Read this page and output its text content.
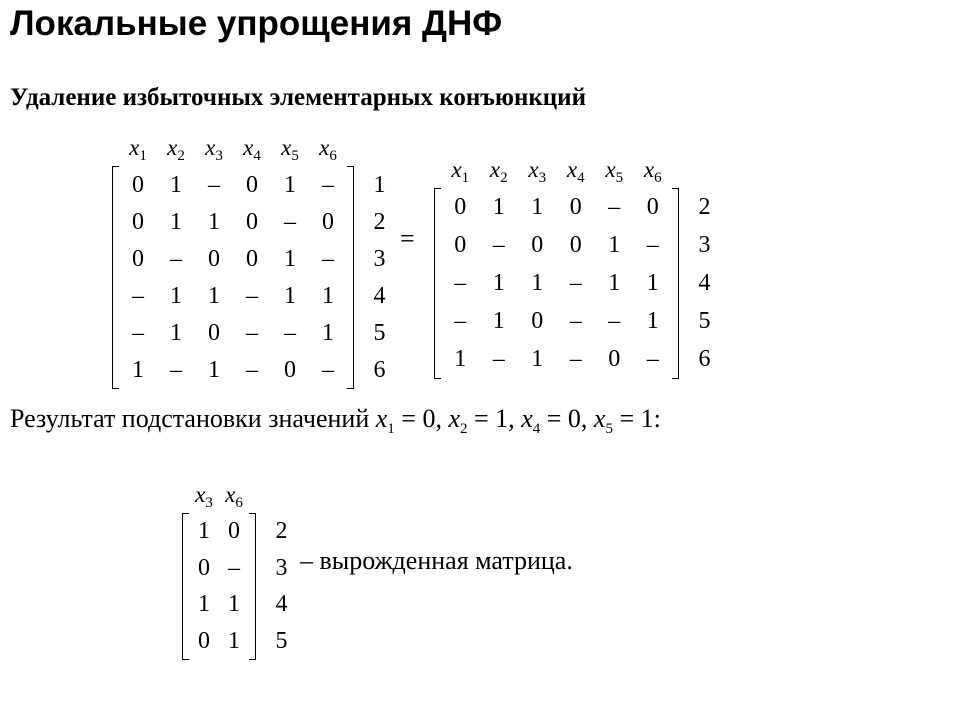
Локальные упрощения ДНФ
Удаление избыточных элементарных конъюнкций
	$x_1$	$x_2$	$x_3$	$x_4$	$x_5$	$x_6$			
	0	1	–	0	1	–			1
	0	1	1	0	–	0			2
	0	–	0	0	1	–			3
	–	1	1	–	1	1			4
	–	1	0	–	–	1			5
	1	–	1	–	0	–			6
=
	$x_1$	$x_2$	$x_3$	$x_4$	$x_5$	$x_6$			
	0	1	1	0	–	0			2
	0	–	0	0	1	–			3
	–	1	1	–	1	1			4
	–	1	0	–	–	1			5
	1	–	1	–	0	–			6
Результат подстановки значений $x_1 = 0$, $x_2 = 1$, $x_4 = 0$, $x_5 = 1$:
	$x_3$	$x_6$			
	1	0			2
	0	–			3
	1	1			4
	0	1			5
– вырожденная матрица.
